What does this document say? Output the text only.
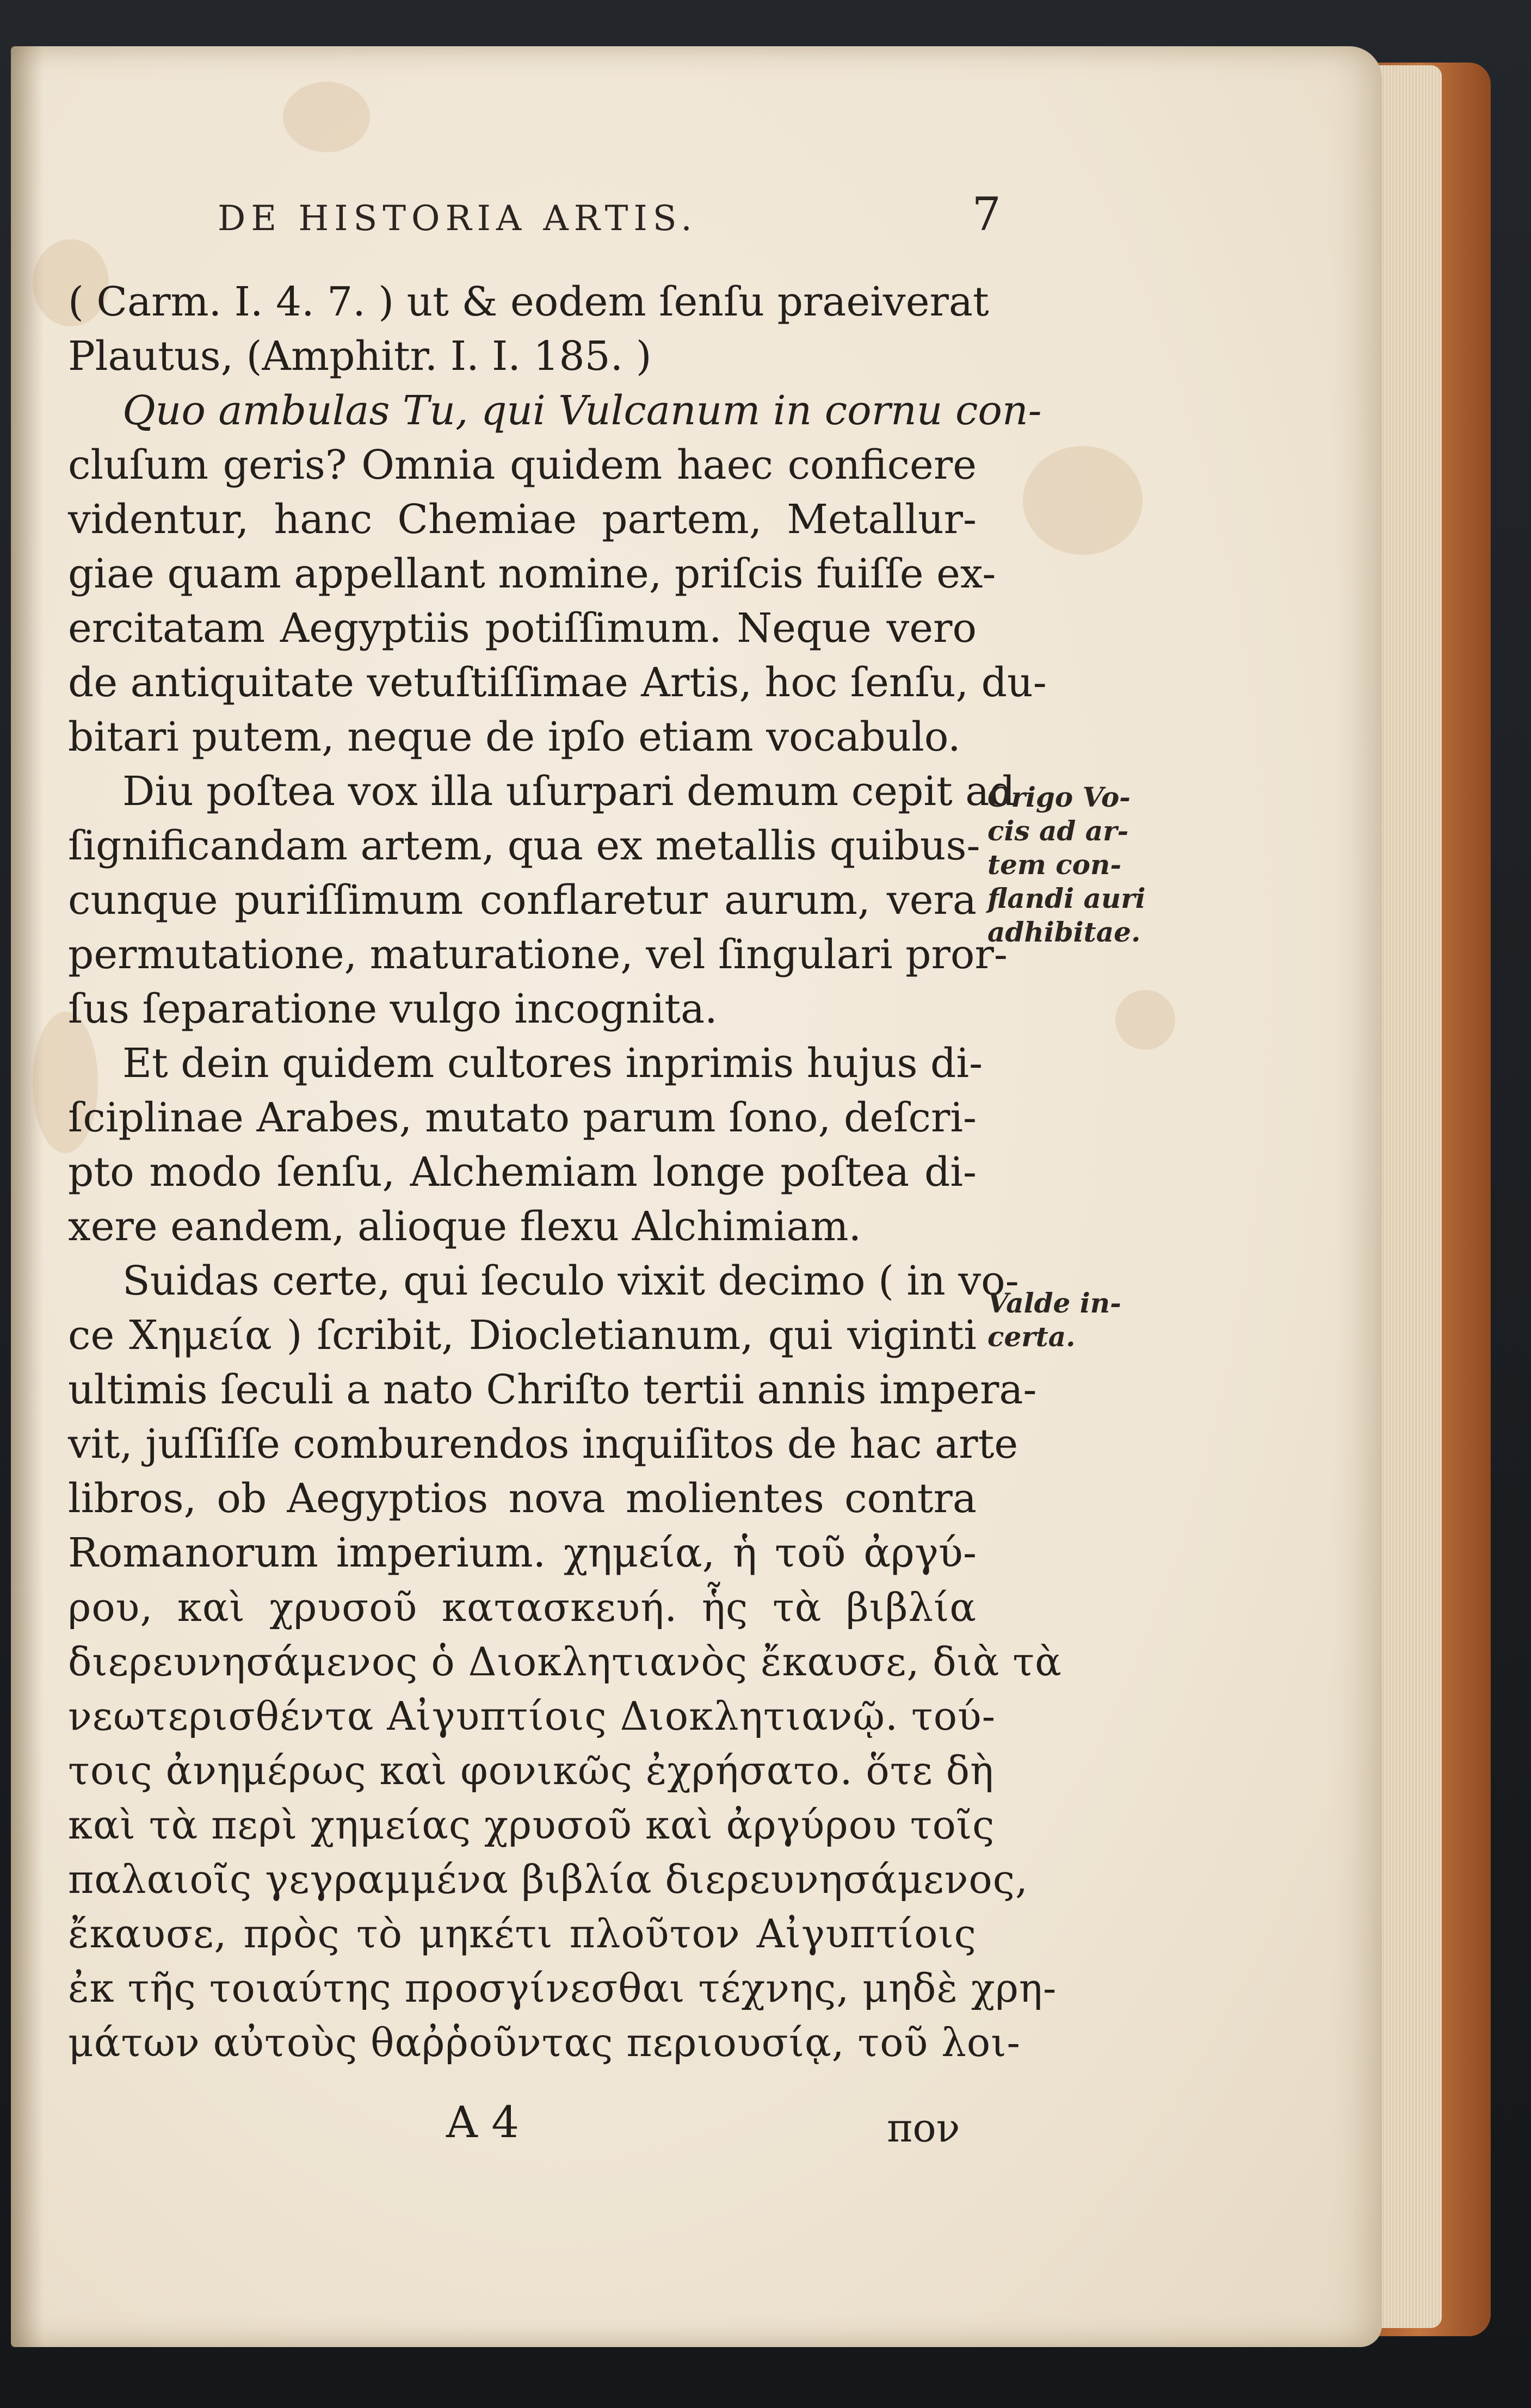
DE HISTORIA ARTIS.	7
( Carm. I. 4. 7. ) ut & eodem ſenſu praeiverat
Plautus, (Amphitr. I. I. 185. )
Quo ambulas Tu, qui Vulcanum in cornu con-
cluſum geris? Omnia quidem haec conficere
videntur, hanc Chemiae partem, Metallur-
giae quam appellant nomine, priſcis fuiſſe ex-
ercitatam Aegyptiis potiſſimum. Neque vero
de antiquitate vetuſtiſſimae Artis, hoc ſenſu, du-
bitari putem, neque de ipſo etiam vocabulo.
Diu poſtea vox illa uſurpari demum cepit ad
ſignificandam artem, qua ex metallis quibus-
cunque puriſſimum conflaretur aurum, vera
permutatione, maturatione, vel ſingulari pror-
ſus ſeparatione vulgo incognita.
Et dein quidem cultores inprimis hujus di-
ſciplinae Arabes, mutato parum ſono, deſcri-
pto modo ſenſu, Alchemiam longe poſtea di-
xere eandem, alioque flexu Alchimiam.
Suidas certe, qui ſeculo vixit decimo ( in vo-
ce Χημεία ) ſcribit, Diocletianum, qui viginti
ultimis ſeculi a nato Chriſto tertii annis impera-
vit, juſſiſſe comburendos inquiſitos de hac arte
libros, ob Aegyptios nova molientes contra
Romanorum imperium. χημεία, ἡ τοῦ ἀργύ-
ρου, καὶ χρυσοῦ κατασκευή. ἧς τὰ βιβλία
διερευνησάμενος ὁ Διοκλητιανὸς ἔκαυσε, διὰ τὰ
νεωτερισθέντα Αἰγυπτίοις Διοκλητιανῷ. τού-
τοις ἀνημέρως καὶ φονικῶς ἐχρήσατο. ὅτε δὴ
καὶ τὰ περὶ χημείας χρυσοῦ καὶ ἀργύρου τοῖς
παλαιοῖς γεγραμμένα βιβλία διερευνησάμενος,
ἔκαυσε, πρὸς τὸ μηκέτι πλοῦτον Αἰγυπτίοις
ἐκ τῆς τοιαύτης προσγίνεσθαι τέχνης, μηδὲ χρη-
μάτων αὐτοὺς θαῤῥοῦντας περιουσίᾳ, τοῦ λοι-
Origo Vo-
cis ad ar-
tem con-
flandi auri
adhibitae.
Valde in-
certa.
A 4	πον
